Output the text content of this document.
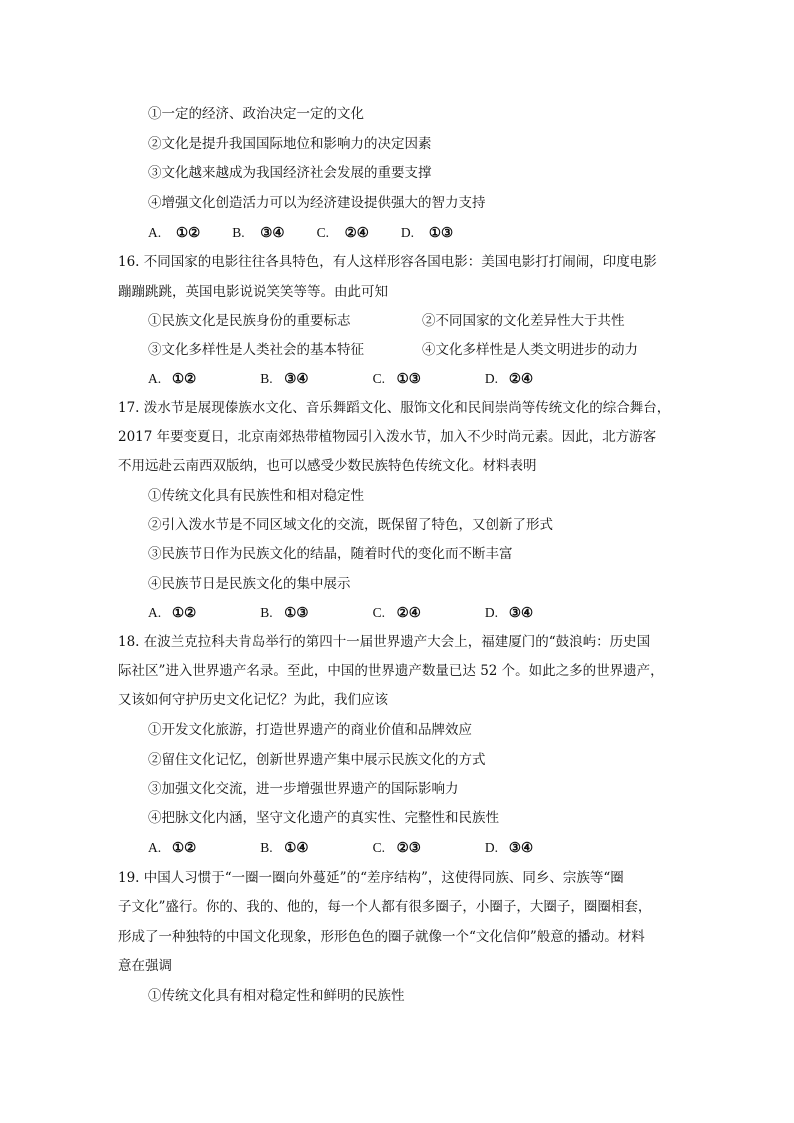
①一定的经济、政治决定一定的文化
②文化是提升我国国际地位和影响力的决定因素
③文化越来越成为我国经济社会发展的重要支撑
④增强文化创造活力可以为经济建设提供强大的智力支持
A. ①② B. ③④ C. ②④ D. ①③
16. 不同国家的电影往往各具特色，有人这样形容各国电影：美国电影打打闹闹，印度电影
蹦蹦跳跳，英国电影说说笑笑等等。由此可知
①民族文化是民族身份的重要标志	②不同国家的文化差异性大于共性
③文化多样性是人类社会的基本特征	④文化多样性是人类文明进步的动力
A. ①②	B. ③④	C. ①③	D. ②④
17. 泼水节是展现傣族水文化、音乐舞蹈文化、服饰文化和民间崇尚等传统文化的综合舞台，
2017 年要变夏日，北京南郊热带植物园引入泼水节，加入不少时尚元素。因此，北方游客
不用远赴云南西双版纳，也可以感受少数民族特色传统文化。材料表明
①传统文化具有民族性和相对稳定性
②引入泼水节是不同区域文化的交流，既保留了特色，又创新了形式
③民族节日作为民族文化的结晶，随着时代的变化而不断丰富
④民族节日是民族文化的集中展示
A. ①②	B. ①③	C. ②④	D. ③④
18. 在波兰克拉科夫肯岛举行的第四十一届世界遗产大会上，福建厦门的“鼓浪屿：历史国
际社区”进入世界遗产名录。至此，中国的世界遗产数量已达 52 个。如此之多的世界遗产，
又该如何守护历史文化记忆？为此，我们应该
①开发文化旅游，打造世界遗产的商业价值和品牌效应
②留住文化记忆，创新世界遗产集中展示民族文化的方式
③加强文化交流，进一步增强世界遗产的国际影响力
④把脉文化内涵，坚守文化遗产的真实性、完整性和民族性
A. ①②	B. ①④	C. ②③	D. ③④
19. 中国人习惯于“一圈一圈向外蔓延”的“差序结构”，这使得同族、同乡、宗族等“圈
子文化”盛行。你的、我的、他的，每一个人都有很多圈子，小圈子，大圈子，圈圈相套，
形成了一种独特的中国文化现象，形形色色的圈子就像一个“文化信仰”般意的播动。材料
意在强调
①传统文化具有相对稳定性和鲜明的民族性
